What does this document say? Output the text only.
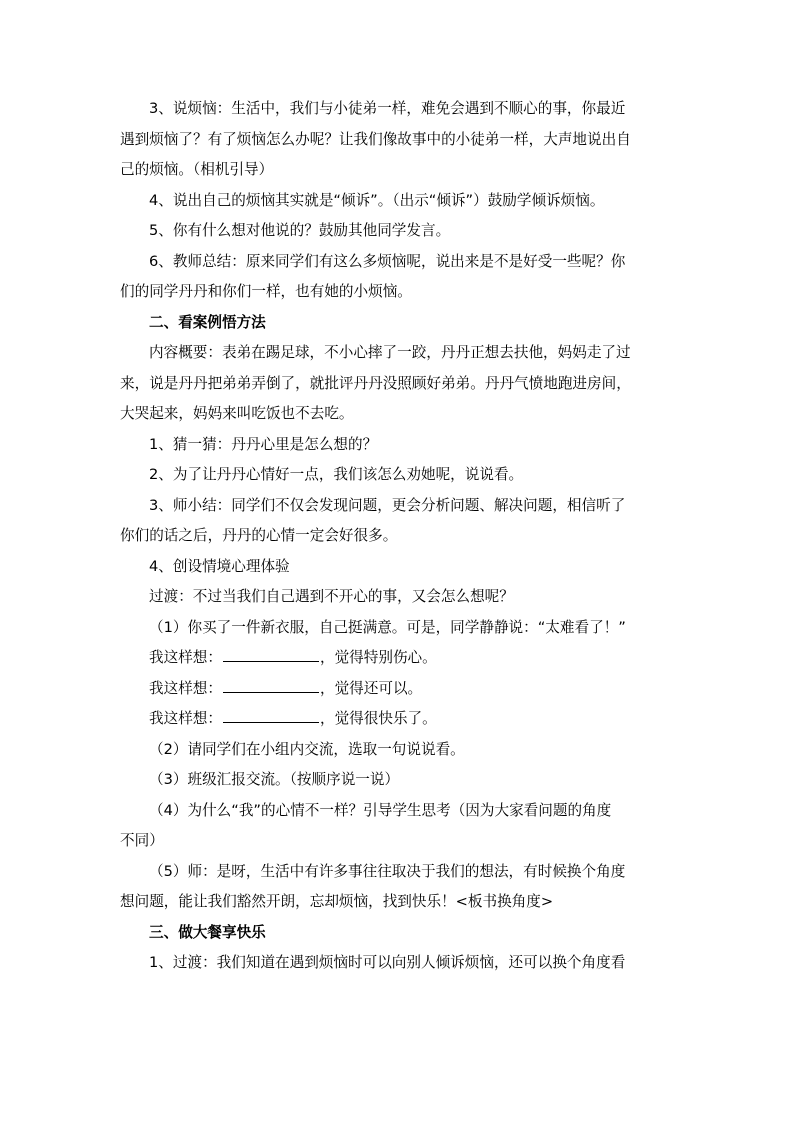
3、说烦恼：生活中，我们与小徒弟一样，难免会遇到不顺心的事，你最近
遇到烦恼了？有了烦恼怎么办呢？让我们像故事中的小徒弟一样，大声地说出自
己的烦恼。（相机引导）
4、说出自己的烦恼其实就是“倾诉”。（出示“倾诉”）鼓励学倾诉烦恼。
5、你有什么想对他说的？鼓励其他同学发言。
6、教师总结：原来同学们有这么多烦恼呢，说出来是不是好受一些呢？你
们的同学丹丹和你们一样，也有她的小烦恼。
二、看案例悟方法
内容概要：表弟在踢足球，不小心摔了一跤，丹丹正想去扶他，妈妈走了过
来，说是丹丹把弟弟弄倒了，就批评丹丹没照顾好弟弟。丹丹气愤地跑进房间，
大哭起来，妈妈来叫吃饭也不去吃。
1、猜一猜：丹丹心里是怎么想的？
2、为了让丹丹心情好一点，我们该怎么劝她呢，说说看。
3、师小结：同学们不仅会发现问题，更会分析问题、解决问题，相信听了
你们的话之后，丹丹的心情一定会好很多。
4、创设情境心理体验
过渡：不过当我们自己遇到不开心的事，又会怎么想呢？
（1）你买了一件新衣服，自己挺满意。可是，同学静静说：“太难看了！”
我这样想：	，觉得特别伤心。
我这样想：	，觉得还可以。
我这样想：	，觉得很快乐了。
（2）请同学们在小组内交流，选取一句说说看。
（3）班级汇报交流。（按顺序说一说）
（4）为什么“我”的心情不一样？引导学生思考（因为大家看问题的角度
不同）
（5）师：是呀，生活中有许多事往往取决于我们的想法，有时候换个角度
想问题，能让我们豁然开朗，忘却烦恼，找到快乐！<板书换角度>
三、做大餐享快乐
1、过渡：我们知道在遇到烦恼时可以向别人倾诉烦恼，还可以换个角度看
